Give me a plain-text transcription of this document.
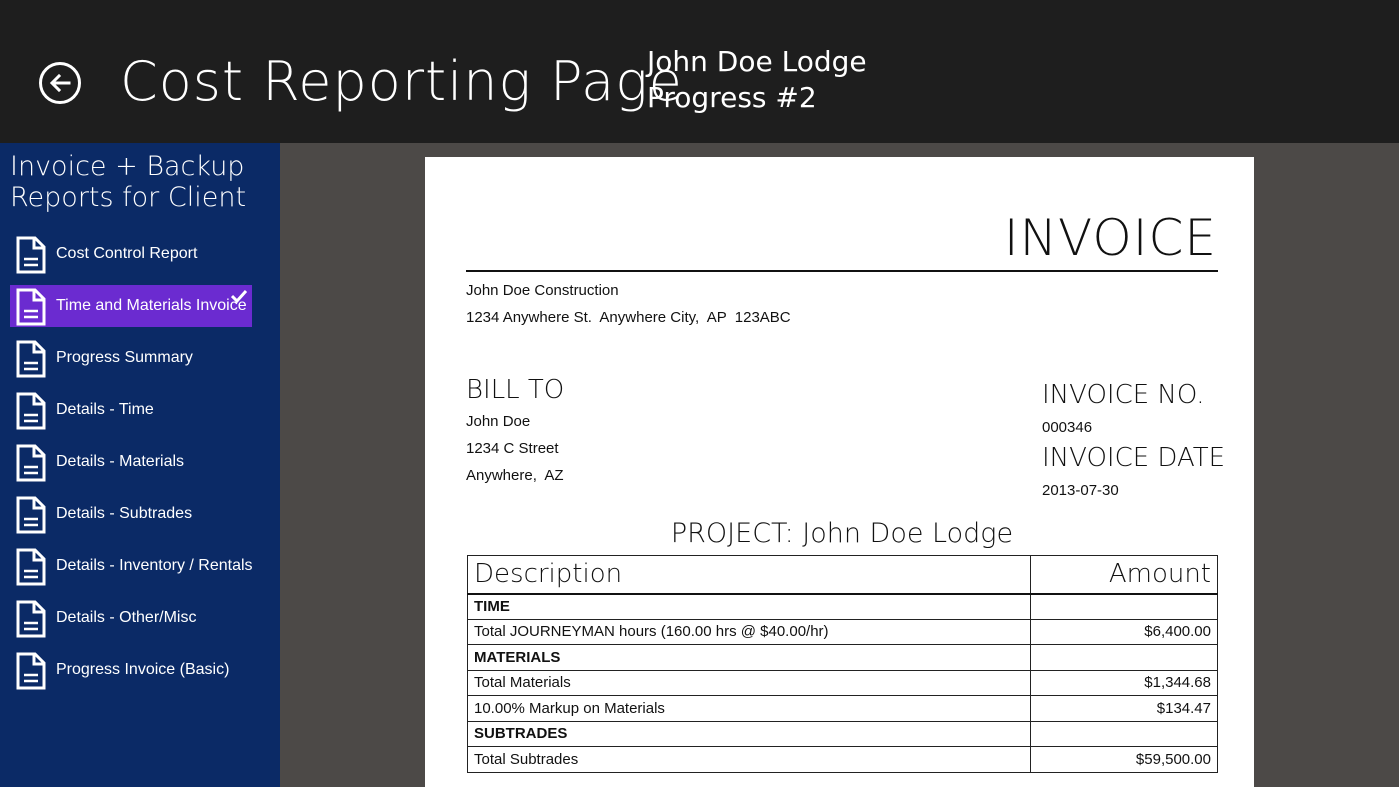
Cost Reporting Page
John Doe Lodge
Progress #2
Invoice + Backup
Reports for Client
Cost Control Report
Time and Materials Invoice
Progress Summary
Details - Time
Details - Materials
Details - Subtrades
Details - Inventory / Rentals
Details - Other/Misc
Progress Invoice (Basic)
INVOICE
John Doe Construction
1234 Anywhere St.  Anywhere City,  AP  123ABC
BILL TO
John Doe
1234 C Street
Anywhere,  AZ
INVOICE NO.
000346
INVOICE DATE
2013-07-30
PROJECT: John Doe Lodge
Description	Amount
TIME	
Total JOURNEYMAN hours (160.00 hrs @ $40.00/hr)	$6,400.00
MATERIALS	
Total Materials	$1,344.68
10.00% Markup on Materials	$134.47
SUBTRADES	
Total Subtrades	$59,500.00
